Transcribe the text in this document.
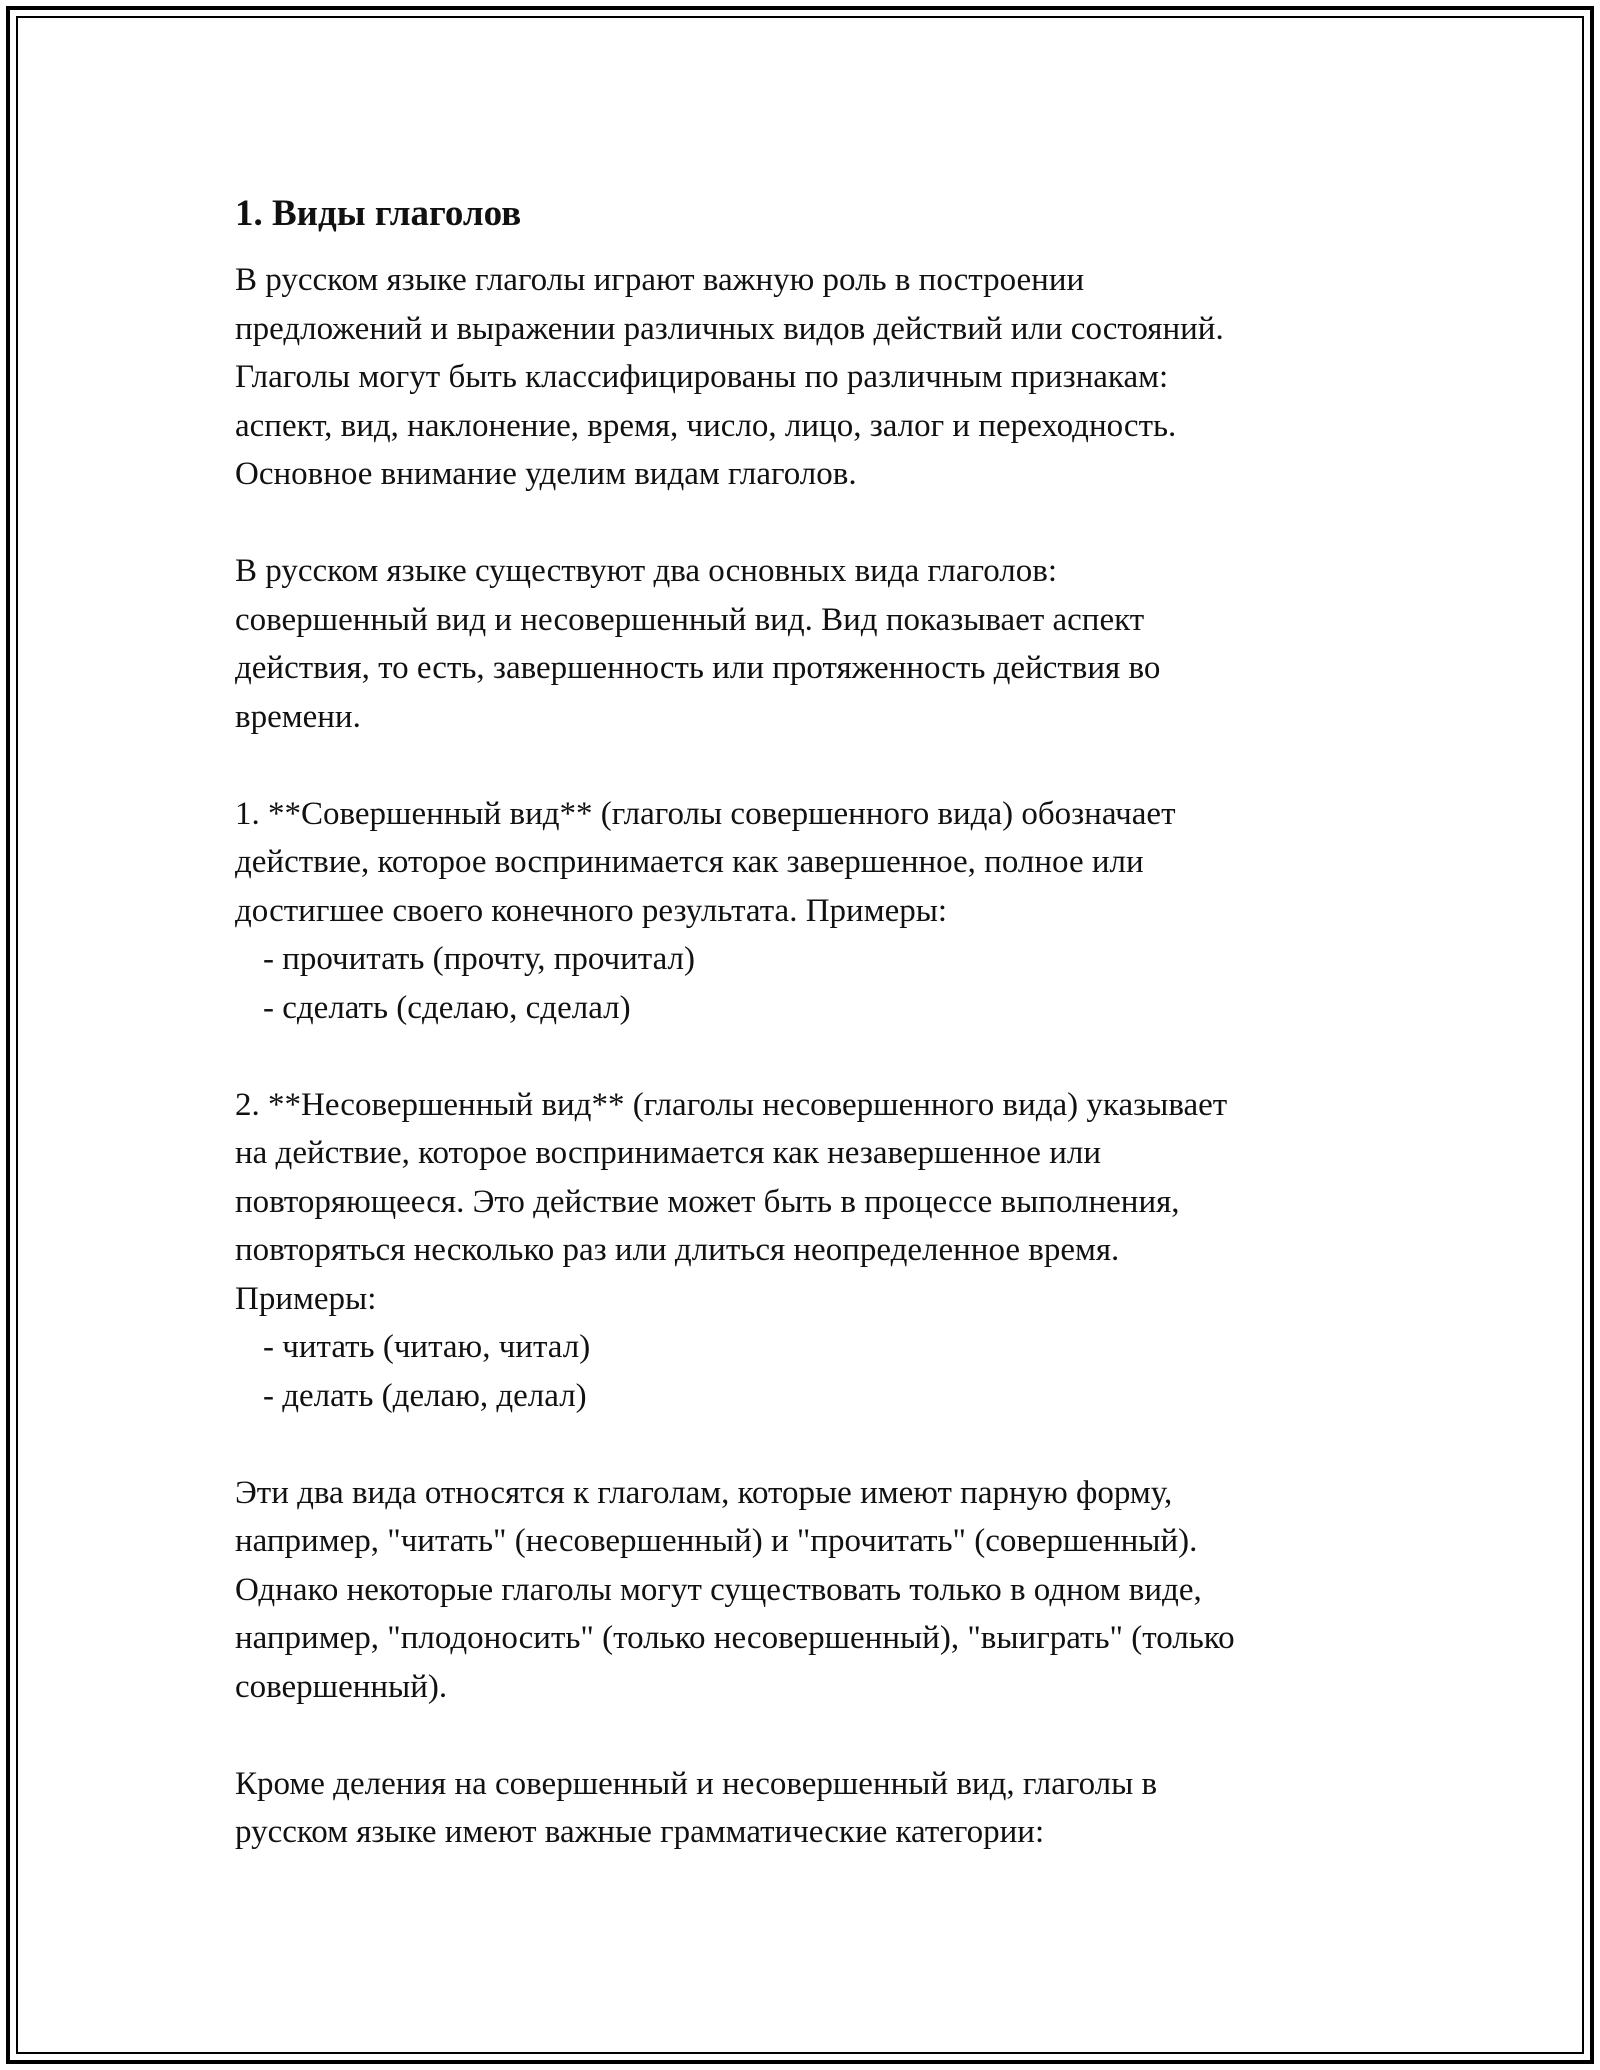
1. Виды глаголов
В русском языке глаголы играют важную роль в построении
предложений и выражении различных видов действий или состояний.
Глаголы могут быть классифицированы по различным признакам:
аспект, вид, наклонение, время, число, лицо, залог и переходность.
Основное внимание уделим видам глаголов.
В русском языке существуют два основных вида глаголов:
совершенный вид и несовершенный вид. Вид показывает аспект
действия, то есть, завершенность или протяженность действия во
времени.
1. **Совершенный вид** (глаголы совершенного вида) обозначает
действие, которое воспринимается как завершенное, полное или
достигшее своего конечного результата. Примеры:
- прочитать (прочту, прочитал)
- сделать (сделаю, сделал)
2. **Несовершенный вид** (глаголы несовершенного вида) указывает
на действие, которое воспринимается как незавершенное или
повторяющееся. Это действие может быть в процессе выполнения,
повторяться несколько раз или длиться неопределенное время.
Примеры:
- читать (читаю, читал)
- делать (делаю, делал)
Эти два вида относятся к глаголам, которые имеют парную форму,
например, "читать" (несовершенный) и "прочитать" (совершенный).
Однако некоторые глаголы могут существовать только в одном виде,
например, "плодоносить" (только несовершенный), "выиграть" (только
совершенный).
Кроме деления на совершенный и несовершенный вид, глаголы в
русском языке имеют важные грамматические категории:
